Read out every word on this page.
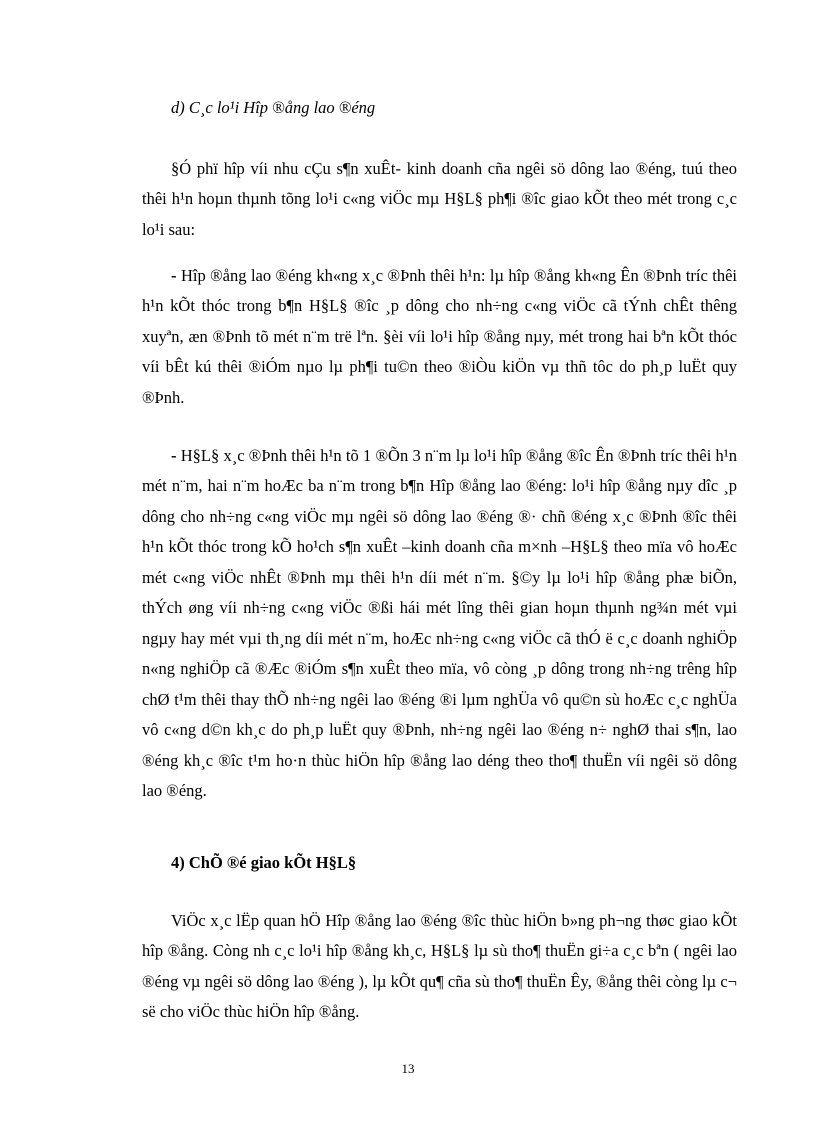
d) C¸c lo¹i Hîp ®ång lao ®éng

§Ó phï hîp víi nhu cÇu s¶n xuÊt- kinh doanh cña ngêi sö dông lao ®éng, tuú theo thêi h¹n hoµn thµnh tõng lo¹i c«ng viÖc mµ H§L§ ph¶i ®îc giao kÕt theo mét trong c¸c lo¹i sau:

- Hîp ®ång lao ®éng kh«ng x¸c ®Þnh thêi h¹n: lµ hîp ®ång kh«ng Ên ®Þnh tríc thêi h¹n kÕt thóc trong b¶n H§L§ ®îc ¸p dông cho nh÷ng c«ng viÖc cã tÝnh chÊt thêng xuyªn, æn ®Þnh tõ mét n¨m trë lªn. §èi víi lo¹i hîp ®ång nµy, mét trong hai bªn kÕt thóc víi bÊt kú thêi ®iÓm nµo lµ ph¶i tu©n theo ®iÒu kiÖn vµ thñ tôc do ph¸p luËt quy ®Þnh.

- H§L§ x¸c ®Þnh thêi h¹n tõ 1 ®Õn 3 n¨m lµ lo¹i hîp ®ång ®îc Ên ®Þnh tríc thêi h¹n mét n¨m, hai n¨m hoÆc ba n¨m trong b¶n Hîp ®ång lao ®éng: lo¹i hîp ®ång nµy dîc ¸p dông cho nh÷ng c«ng viÖc mµ ngêi sö dông lao ®éng ®· chñ ®éng x¸c ®Þnh ®îc thêi h¹n kÕt thóc trong kÕ ho¹ch s¶n xuÊt –kinh doanh cña m×nh –H§L§ theo mïa vô hoÆc mét c«ng viÖc nhÊt ®Þnh mµ thêi h¹n díi mét n¨m. §©y lµ lo¹i hîp ®ång phæ biÕn, thÝch øng víi nh÷ng c«ng viÖc ®ßi hái mét lîng thêi gian hoµn thµnh ng¾n mét vµi ngµy hay mét vµi th¸ng díi mét n¨m, hoÆc nh÷ng c«ng viÖc cã thÓ ë c¸c doanh nghiÖp n«ng nghiÖp cã ®Æc ®iÓm s¶n xuÊt theo mïa, vô còng ¸p dông trong nh÷ng trêng hîp chØ t¹m thêi thay thÕ nh÷ng ngêi lao ®éng ®i lµm nghÜa vô qu©n sù hoÆc c¸c nghÜa vô c«ng d©n kh¸c do ph¸p luËt quy ®Þnh, nh÷ng ngêi lao ®éng n÷ nghØ thai s¶n, lao ®éng kh¸c ®îc t¹m ho·n thùc hiÖn hîp ®ång lao déng theo tho¶ thuËn víi ngêi sö dông lao ®éng.

4) ChÕ ®é giao kÕt H§L§

ViÖc x¸c lËp quan hÖ Hîp ®ång lao ®éng ®îc thùc hiÖn b»ng ph¬ng thøc giao kÕt hîp ®ång. Còng nh c¸c lo¹i hîp ®ång kh¸c, H§L§ lµ sù tho¶ thuËn gi÷a c¸c bªn ( ngêi lao ®éng vµ ngêi sö dông lao ®éng ), lµ kÕt qu¶ cña sù tho¶ thuËn Êy, ®ång thêi còng lµ c¬ së cho viÖc thùc hiÖn hîp ®ång.

13
